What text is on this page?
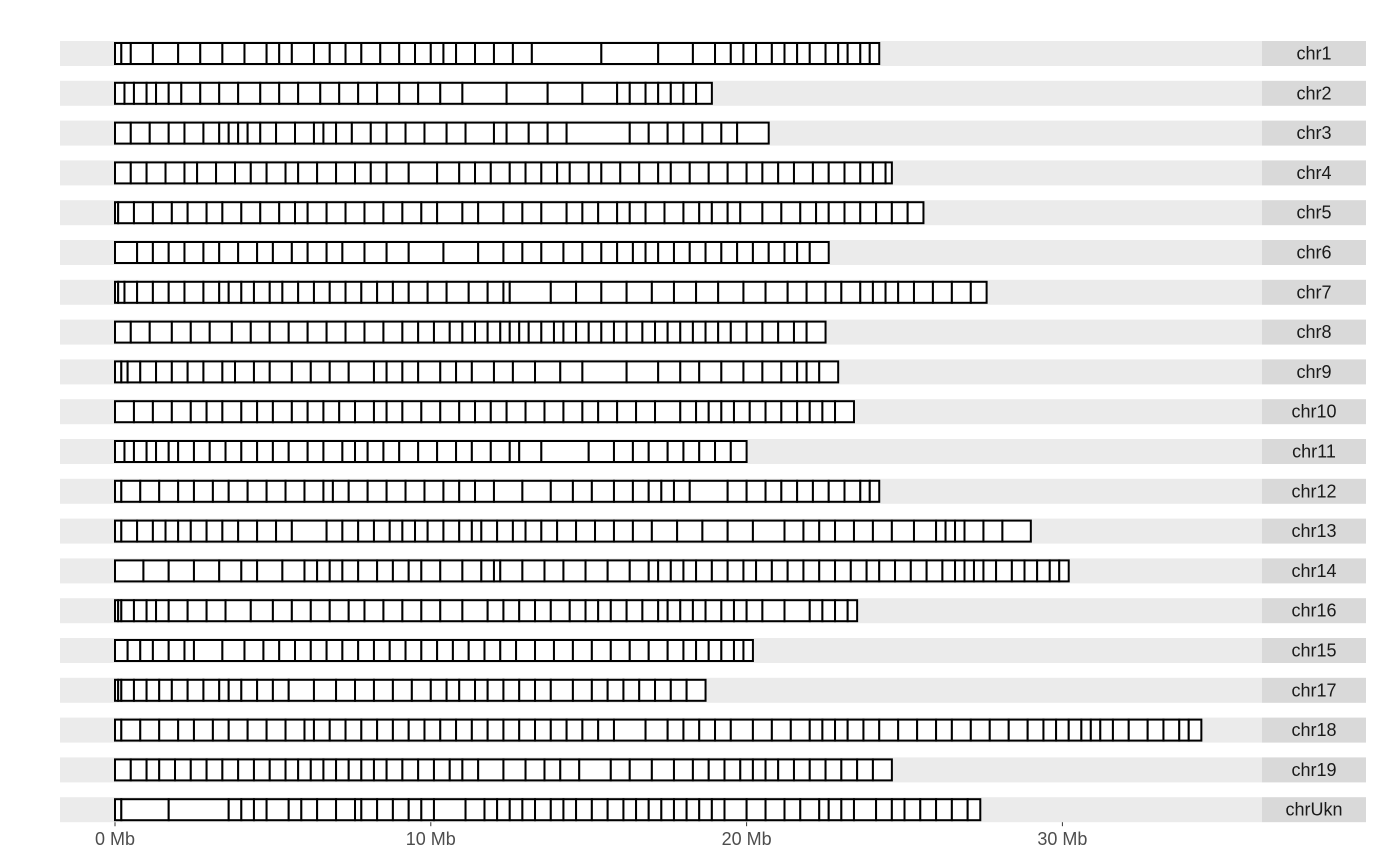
chr1
chr2
chr3
chr4
chr5
chr6
chr7
chr8
chr9
chr10
chr11
chr12
chr13
chr14
chr16
chr15
chr17
chr18
chr19
chrUkn
0 Mb	10 Mb	20 Mb	30 Mb
